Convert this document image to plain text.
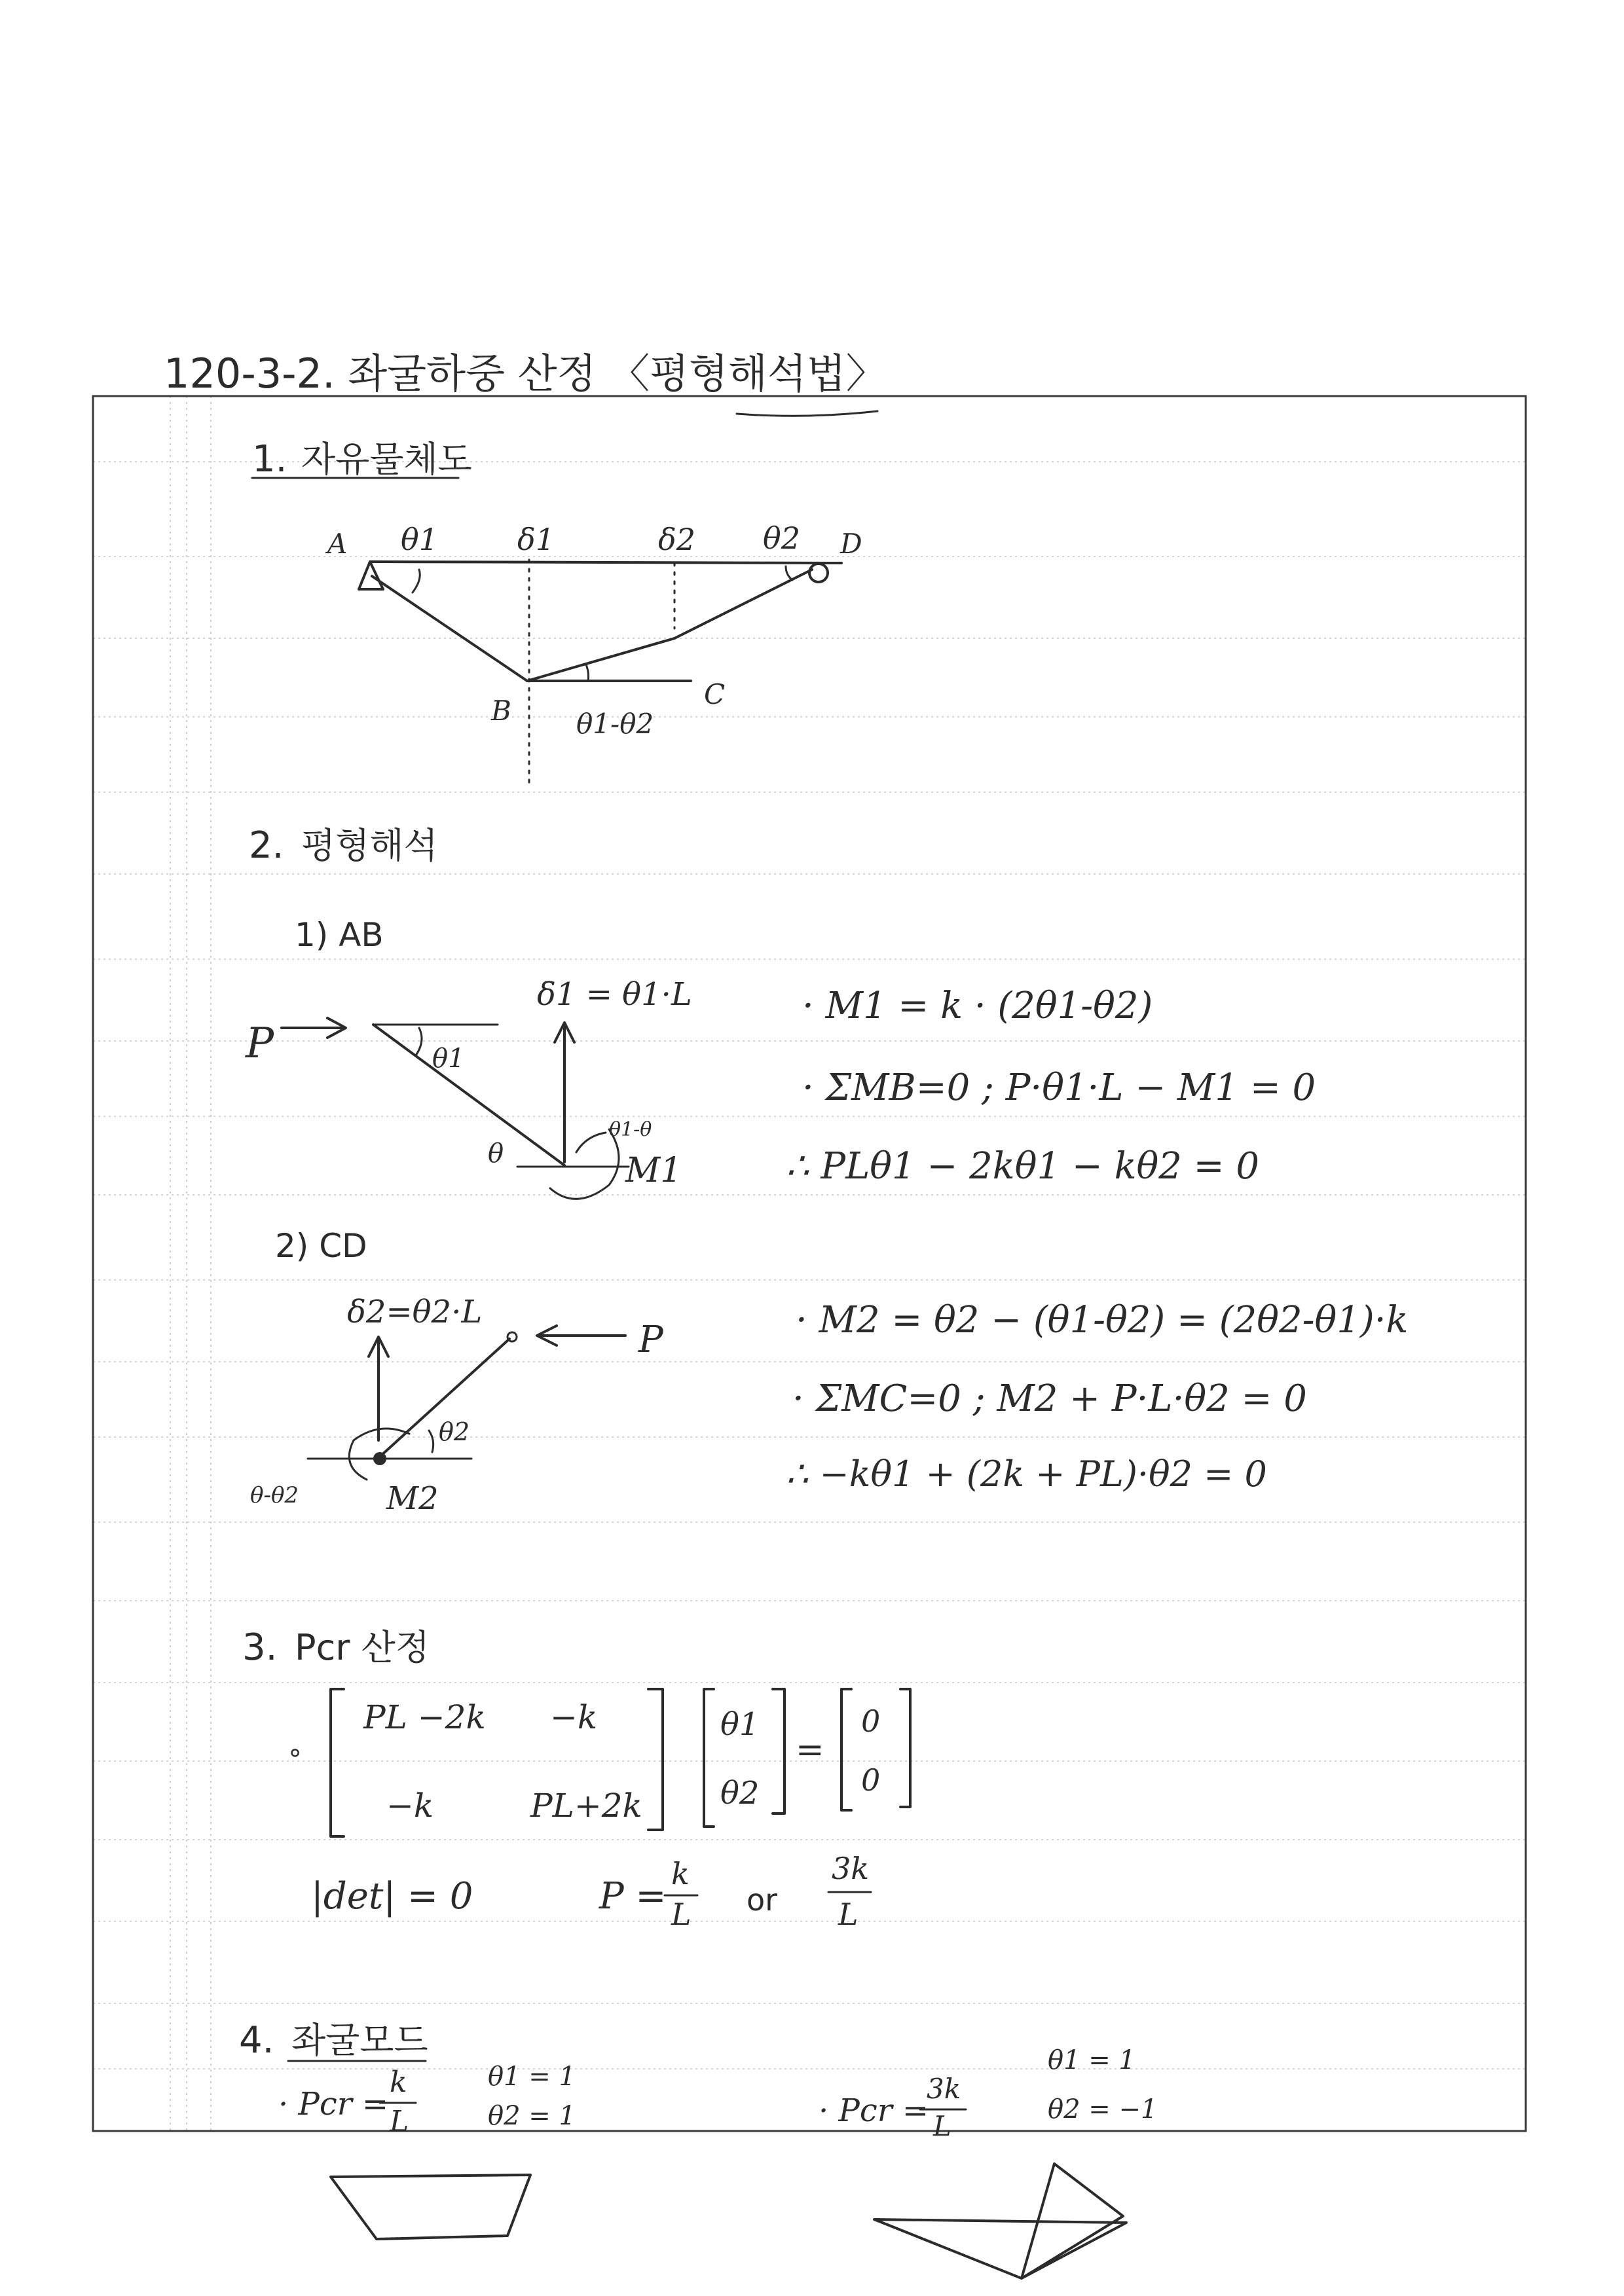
120-3-2. 좌굴하중 산정 〈평형해석법〉
1. 자유물체도
A θ1	δ1	δ2 θ2 D
B
C
θ1-θ2
2. 평형해석
1) AB
P	θ1
δ1 = θ1·L
θ
θ1-θ
M1
· M1 = k · (2θ1-θ2)
· ΣMB=0 ; P·θ1·L − M1 = 0
∴ PLθ1 − 2kθ1 − kθ2 = 0
2) CD
δ2=θ2·L
P
θ2
M2
θ-θ2
· M2 = θ2 − (θ1-θ2) = (2θ2-θ1)·k
· ΣMC=0 ; M2 + P·L·θ2 = 0
∴ −kθ1 + (2k + PL)·θ2 = 0
3. Pcr 산정
∘
PL −2k −k
−k	PL+2k
θ1
θ2
=
0
0
|det| = 0	P =
k
L or
3k
L
4. 좌굴모드
· Pcr =
k
L
θ1 = 1
θ2 = 1	· Pcr =
3k
L
θ1 = 1
θ2 = −1
